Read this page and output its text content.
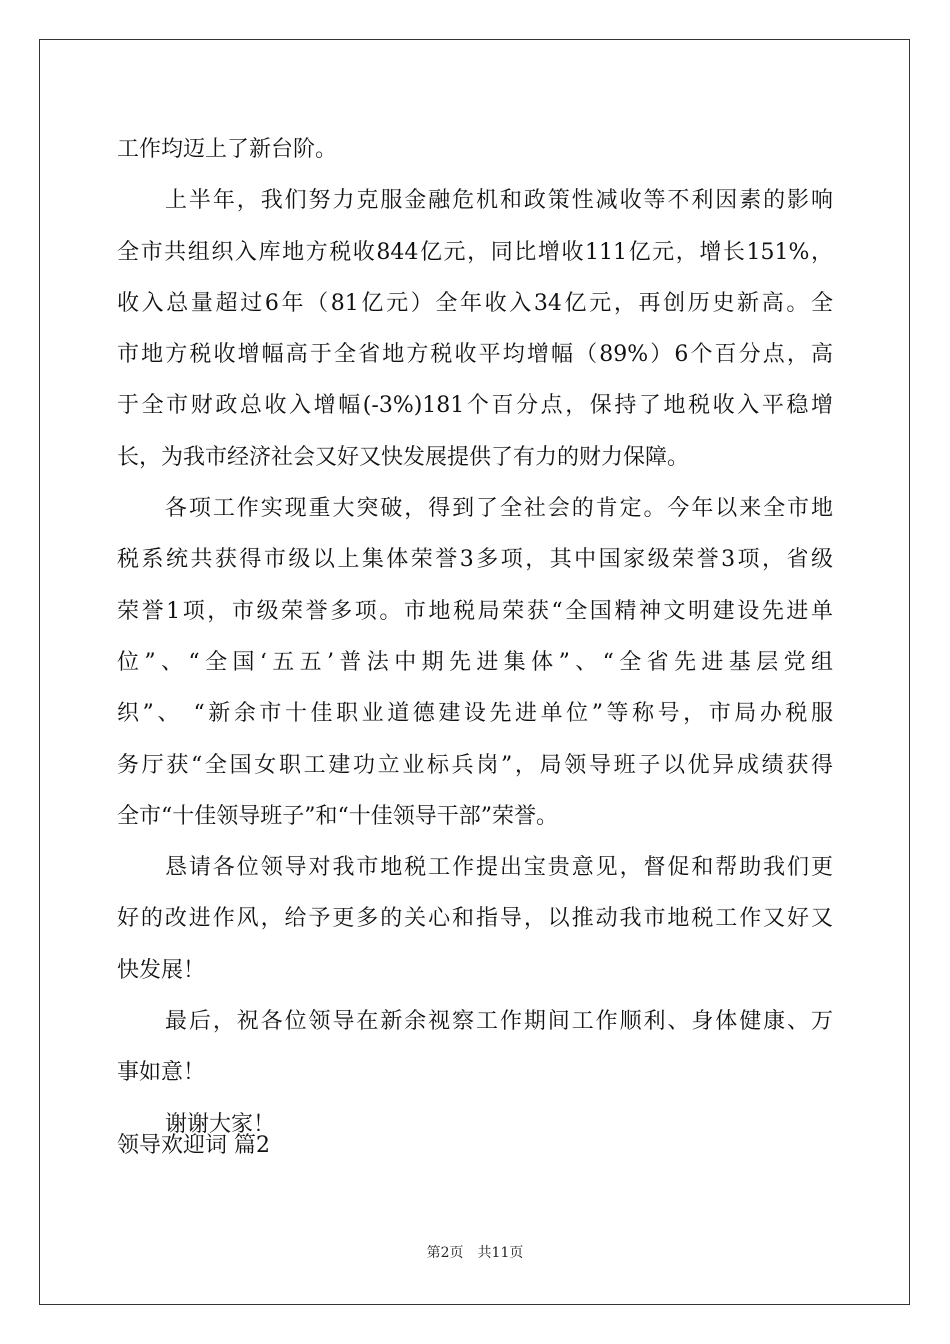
工作均迈上了新台阶。
上半年，我们努力克服金融危机和政策性减收等不利因素的影响
全市共组织入库地方税收844亿元，同比增收111亿元，增长151%，
收入总量超过6年（81亿元）全年收入34亿元，再创历史新高。全
市地方税收增幅高于全省地方税收平均增幅（89%）6个百分点，高
于全市财政总收入增幅(-3%)181个百分点，保持了地税收入平稳增
长，为我市经济社会又好又快发展提供了有力的财力保障。
各项工作实现重大突破，得到了全社会的肯定。今年以来全市地
税系统共获得市级以上集体荣誉3多项，其中国家级荣誉3项，省级
荣誉1项，市级荣誉多项。市地税局荣获“全国精神文明建设先进单
位”、“全国‘五五’普法中期先进集体”、“全省先进基层党组
织”、 “新余市十佳职业道德建设先进单位”等称号，市局办税服
务厅获“全国女职工建功立业标兵岗”，局领导班子以优异成绩获得
全市“十佳领导班子”和“十佳领导干部”荣誉。
恳请各位领导对我市地税工作提出宝贵意见，督促和帮助我们更
好的改进作风，给予更多的关心和指导，以推动我市地税工作又好又
快发展！
最后，祝各位领导在新余视察工作期间工作顺利、身体健康、万
事如意！
谢谢大家！
领导欢迎词 篇2
第2页 共11页
